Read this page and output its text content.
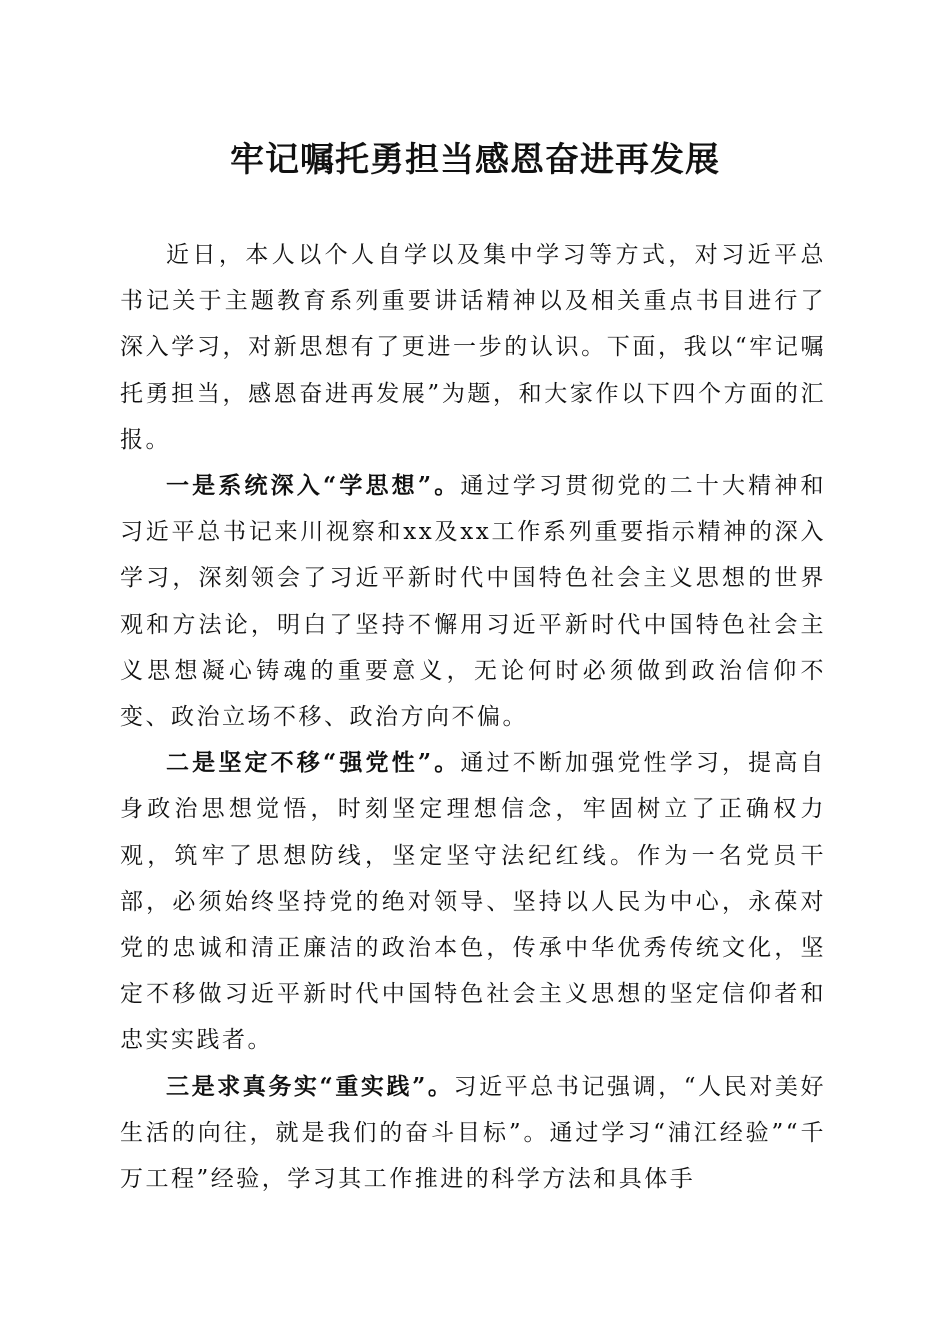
牢记嘱托勇担当感恩奋进再发展

近日，本人以个人自学以及集中学习等方式，对习近平总书记关于主题教育系列重要讲话精神以及相关重点书目进行了深入学习，对新思想有了更进一步的认识。下面，我以“牢记嘱托勇担当，感恩奋进再发展”为题，和大家作以下四个方面的汇报。

一是系统深入“学思想”。通过学习贯彻党的二十大精神和习近平总书记来川视察和xx及xx工作系列重要指示精神的深入学习，深刻领会了习近平新时代中国特色社会主义思想的世界观和方法论，明白了坚持不懈用习近平新时代中国特色社会主义思想凝心铸魂的重要意义，无论何时必须做到政治信仰不变、政治立场不移、政治方向不偏。

二是坚定不移“强党性”。通过不断加强党性学习，提高自身政治思想觉悟，时刻坚定理想信念，牢固树立了正确权力观，筑牢了思想防线，坚定坚守法纪红线。作为一名党员干部，必须始终坚持党的绝对领导、坚持以人民为中心，永葆对党的忠诚和清正廉洁的政治本色，传承中华优秀传统文化，坚定不移做习近平新时代中国特色社会主义思想的坚定信仰者和忠实实践者。

三是求真务实“重实践”。习近平总书记强调，“人民对美好生活的向往，就是我们的奋斗目标”。通过学习“浦江经验”“千万工程”经验，学习其工作推进的科学方法和具体手
